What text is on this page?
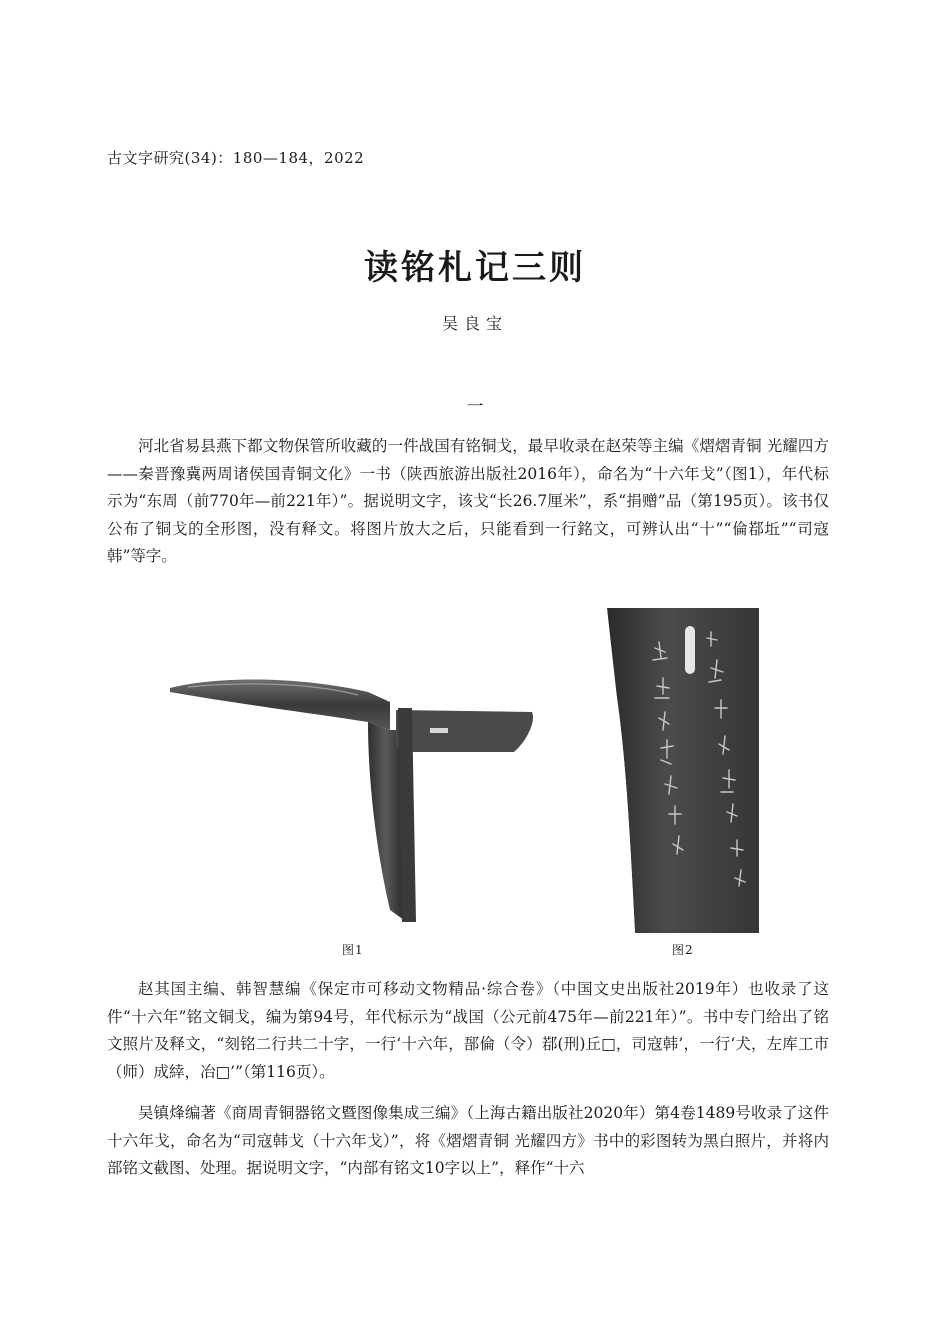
古文字研究(34)：180—184，2022
读铭札记三则
吴良宝
一

河北省易县燕下都文物保管所收藏的一件战国有铭铜戈，最早收录在赵荣等主编《熠熠青铜 光耀四方——秦晋豫冀两周诸侯国青铜文化》一书（陕西旅游出版社2016年），命名为“十六年戈”（图1），年代标示为“东周（前770年—前221年）”。据说明文字，该戈“长26.7厘米”，系“捐赠”品（第195页）。该书仅公布了铜戈的全形图，没有释文。将图片放大之后，只能看到一行銘文，可辨认出“十”“倫鄀坵”“司寇韩”等字。

图1	图2

赵其国主编、韩智慧编《保定市可移动文物精品·综合卷》（中国文史出版社2019年）也收录了这件“十六年”铭文铜戈，编为第94号，年代标示为“战国（公元前475年—前221年）”。书中专门给出了铭文照片及释文，“刻铭二行共二十字，一行‘十六年，郚倫（令）鄀(刑)丘□，司寇韩’，一行‘犬，左库工市（师）成緈，冶□’”（第116页）。

吴镇烽编著《商周青铜器铭文暨图像集成三编》（上海古籍出版社2020年）第4卷1489号收录了这件十六年戈，命名为“司寇韩戈（十六年戈）”，将《熠熠青铜 光耀四方》书中的彩图转为黑白照片，并将内部铭文截图、处理。据说明文字，“内部有铭文10字以上”，释作“十六
